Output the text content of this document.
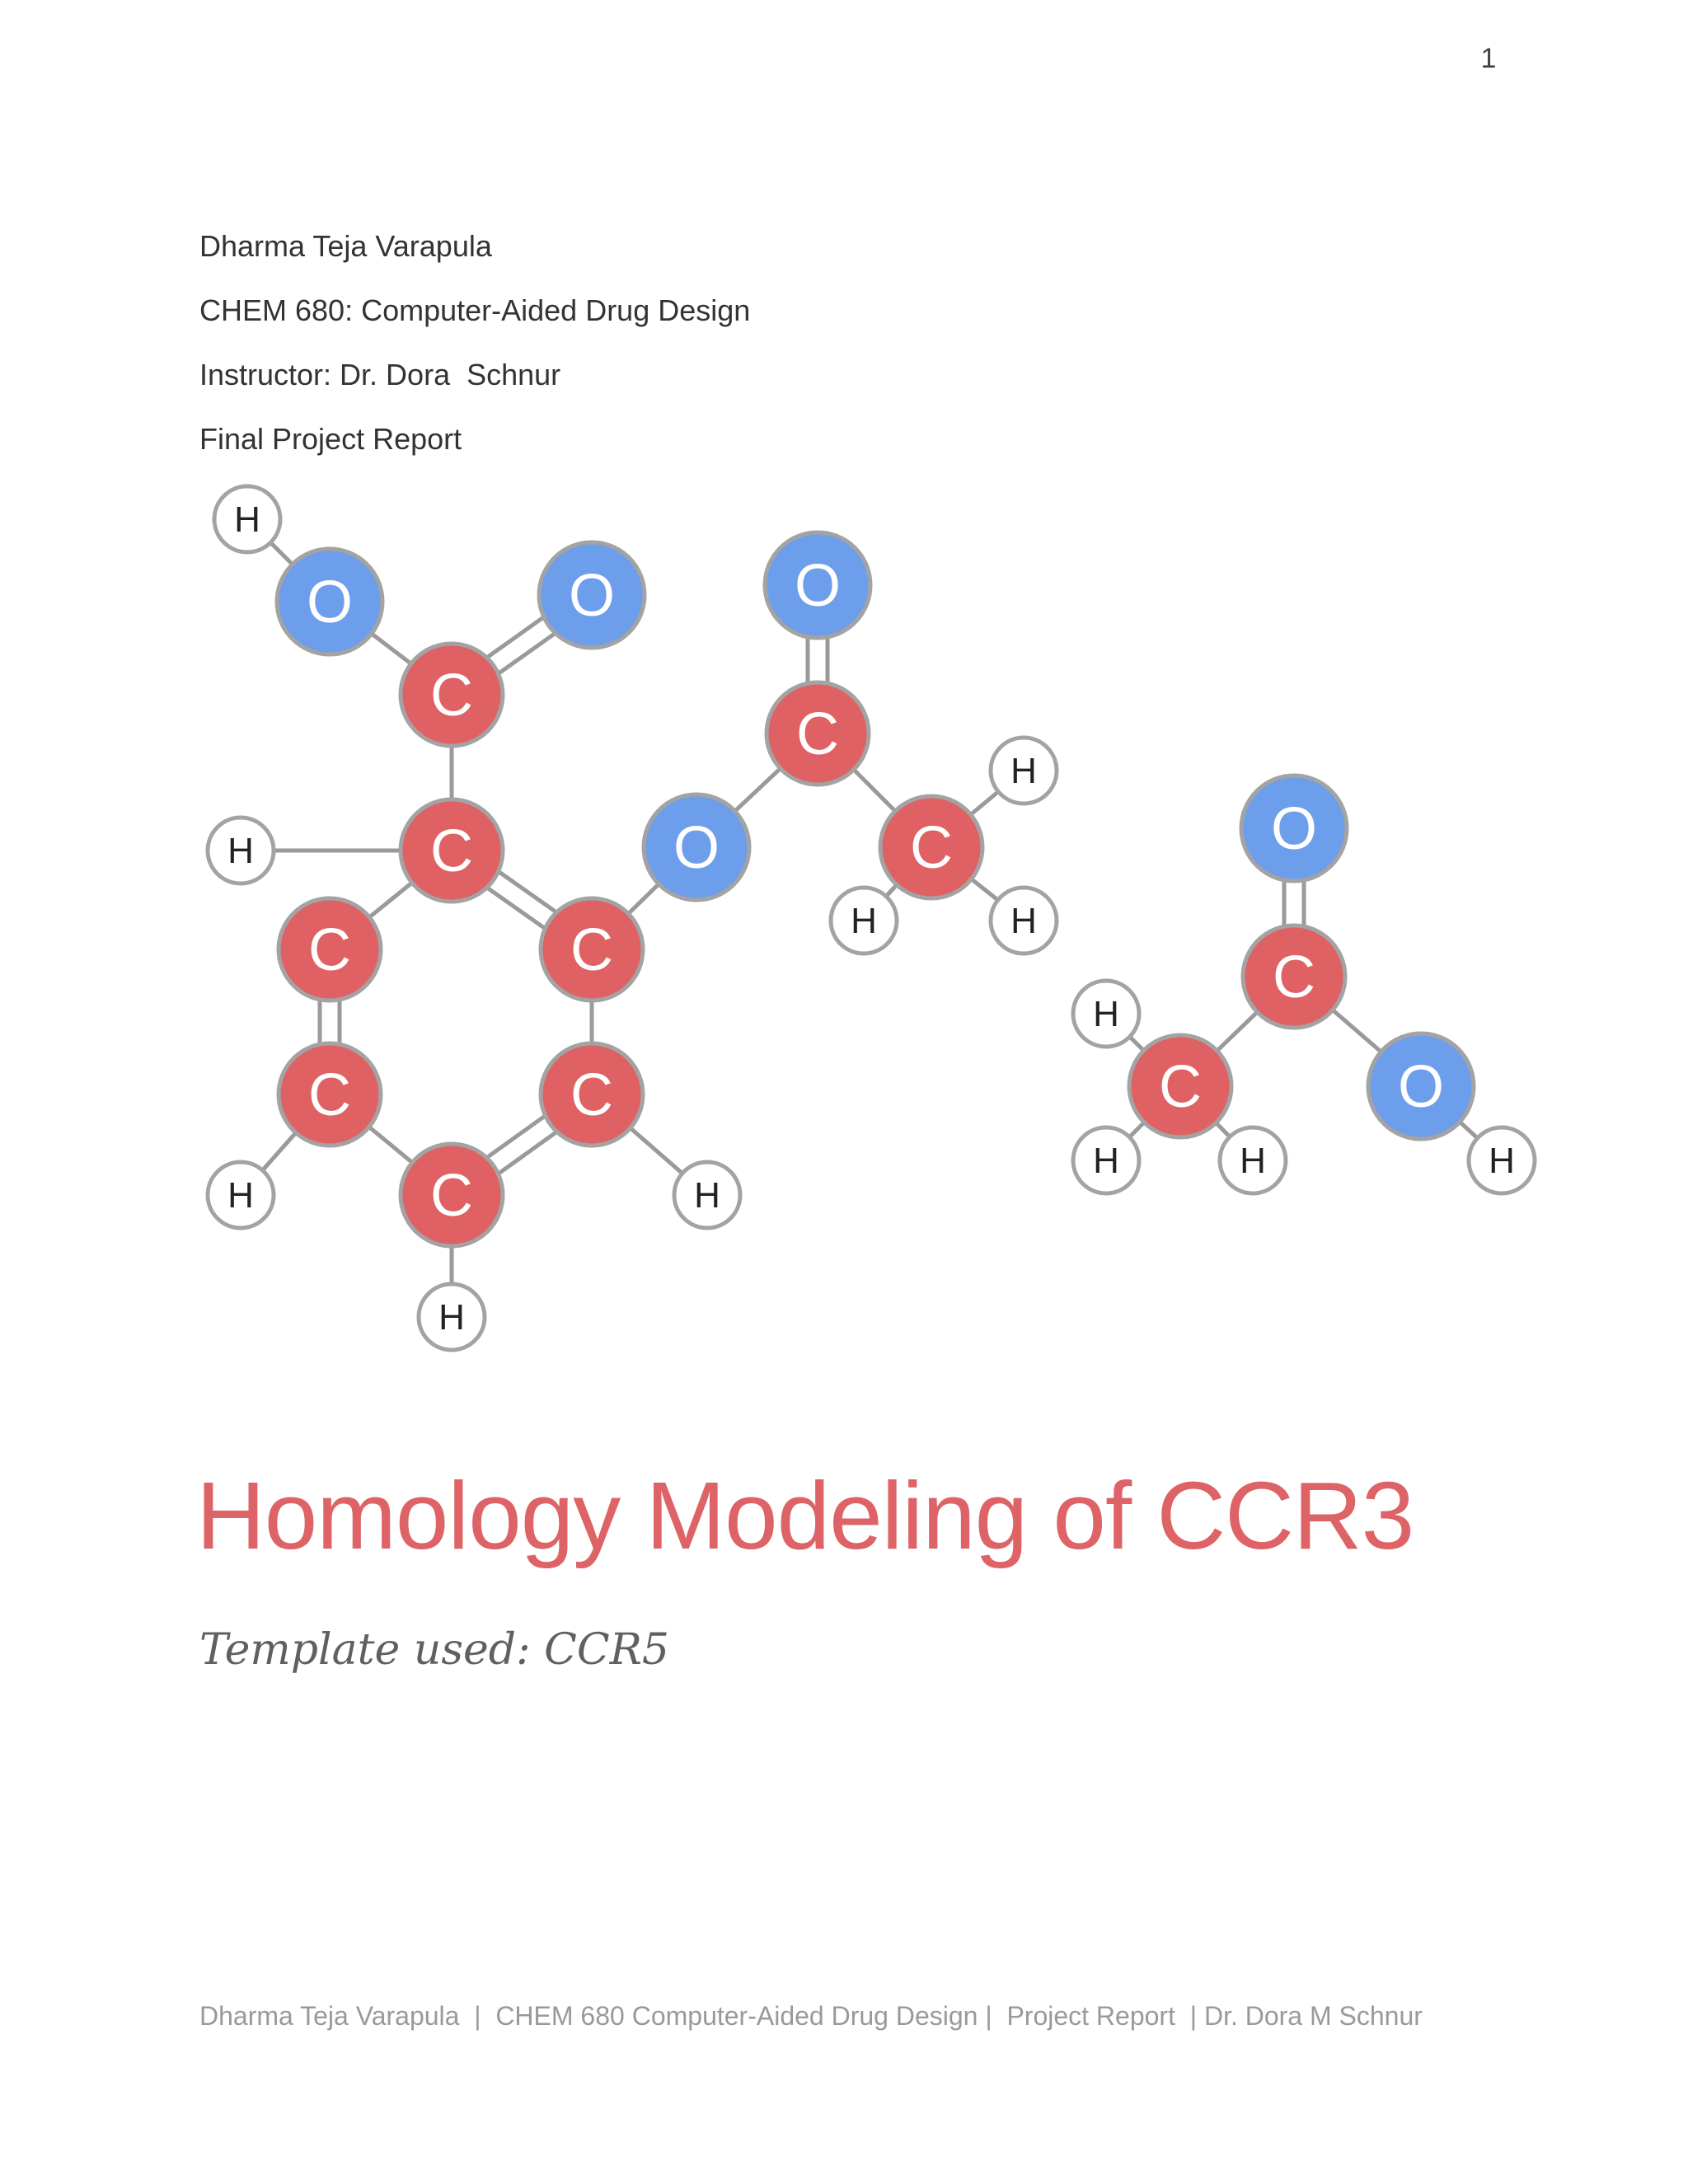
1
Dharma Teja Varapula
CHEM 680: Computer-Aided Drug Design
Instructor: Dr. Dora  Schnur
Final Project Report
H
O	O
C
O
C
H
O	C
H	H
H	C
C	C
C	C
H	C	H
H
O
C
H
C	O
H	H	H
Homology Modeling of CCR3
Template used: CCR5
Dharma Teja Varapula  |  CHEM 680 Computer-Aided Drug Design |  Project Report  | Dr. Dora M Schnur
